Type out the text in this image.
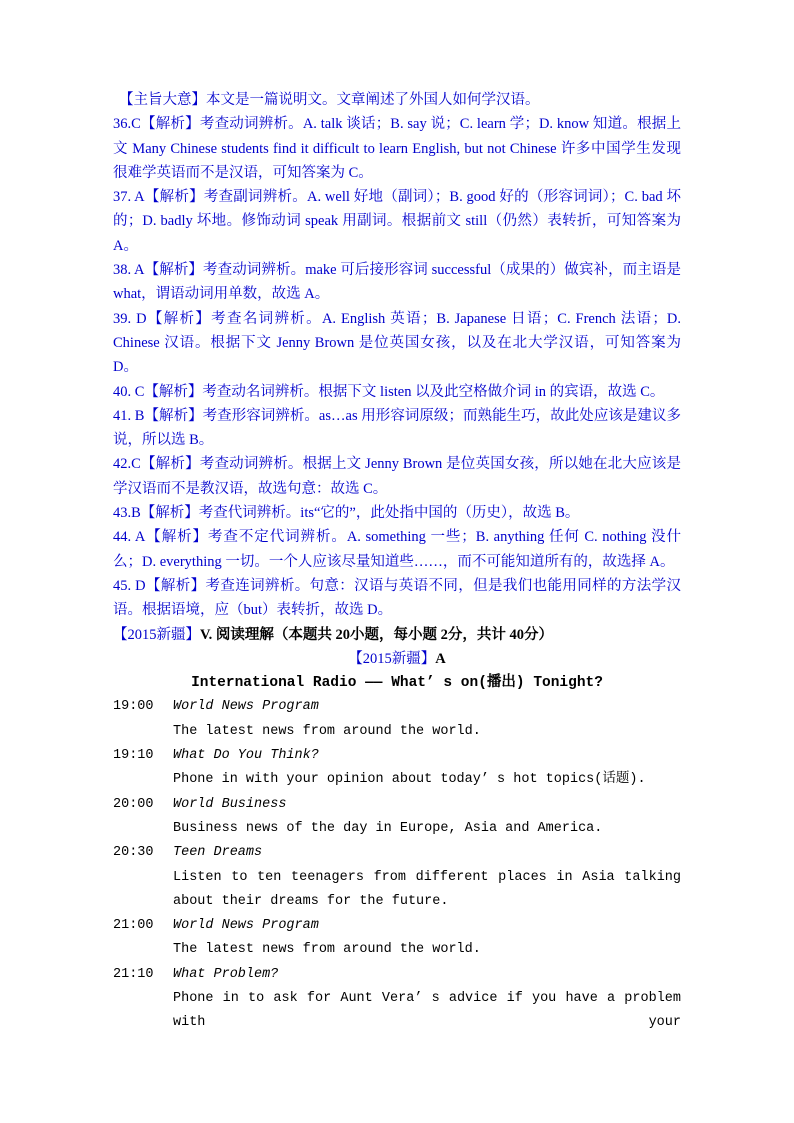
【主旨大意】本文是一篇说明文。文章阐述了外国人如何学汉语。

36.C【解析】考查动词辨析。A. talk 谈话；B. say 说；C. learn 学；D. know 知道。根据上文 Many Chinese students find it difficult to learn English, but not Chinese 许多中国学生发现很难学英语而不是汉语，可知答案为 C。

37. A【解析】考查副词辨析。A. well 好地（副词）；B. good 好的（形容词词）；C. bad 坏的；D. badly 坏地。修饰动词 speak 用副词。根据前文 still（仍然）表转折，可知答案为 A。

38. A【解析】考查动词辨析。make 可后接形容词 successful（成果的）做宾补，而主语是 what，谓语动词用单数，故选 A。

39. D【解析】考查名词辨析。A. English 英语；B. Japanese 日语；C. French 法语；D. Chinese 汉语。根据下文 Jenny Brown 是位英国女孩，以及在北大学汉语，可知答案为 D。

40. C【解析】考查动名词辨析。根据下文 listen 以及此空格做介词 in 的宾语，故选 C。

41. B【解析】考查形容词辨析。as…as 用形容词原级；而熟能生巧，故此处应该是建议多说，所以选 B。

42.C【解析】考查动词辨析。根据上文 Jenny Brown 是位英国女孩，所以她在北大应该是学汉语而不是教汉语，故选句意：故选 C。

43.B【解析】考查代词辨析。its“它的”，此处指中国的（历史），故选 B。

44. A【解析】考查不定代词辨析。A. something 一些；B. anything 任何 C. nothing 没什么；D. everything 一切。一个人应该尽量知道些……，而不可能知道所有的，故选择 A。

45. D【解析】考查连词辨析。句意：汉语与英语不同，但是我们也能用同样的方法学汉语。根据语境，应（but）表转折，故选 D。

【2015新疆】V. 阅读理解（本题共 20小题，每小题 2分，共计 40分）

【2015新疆】A

International Radio —— What’ s on(播出) Tonight?

19:00	World News Program

The latest news from around the world.

19:10	What Do You Think?

Phone in with your opinion about today’ s hot topics(话题).

20:00	World Business

Business news of the day in Europe, Asia and America.

20:30	Teen Dreams

Listen to ten teenagers from different places in Asia talking about their dreams for the future.

21:00	World News Program

The latest news from around the world.

21:10	What Problem?

Phone in to ask for Aunt Vera’ s advice if you have a problem with your
